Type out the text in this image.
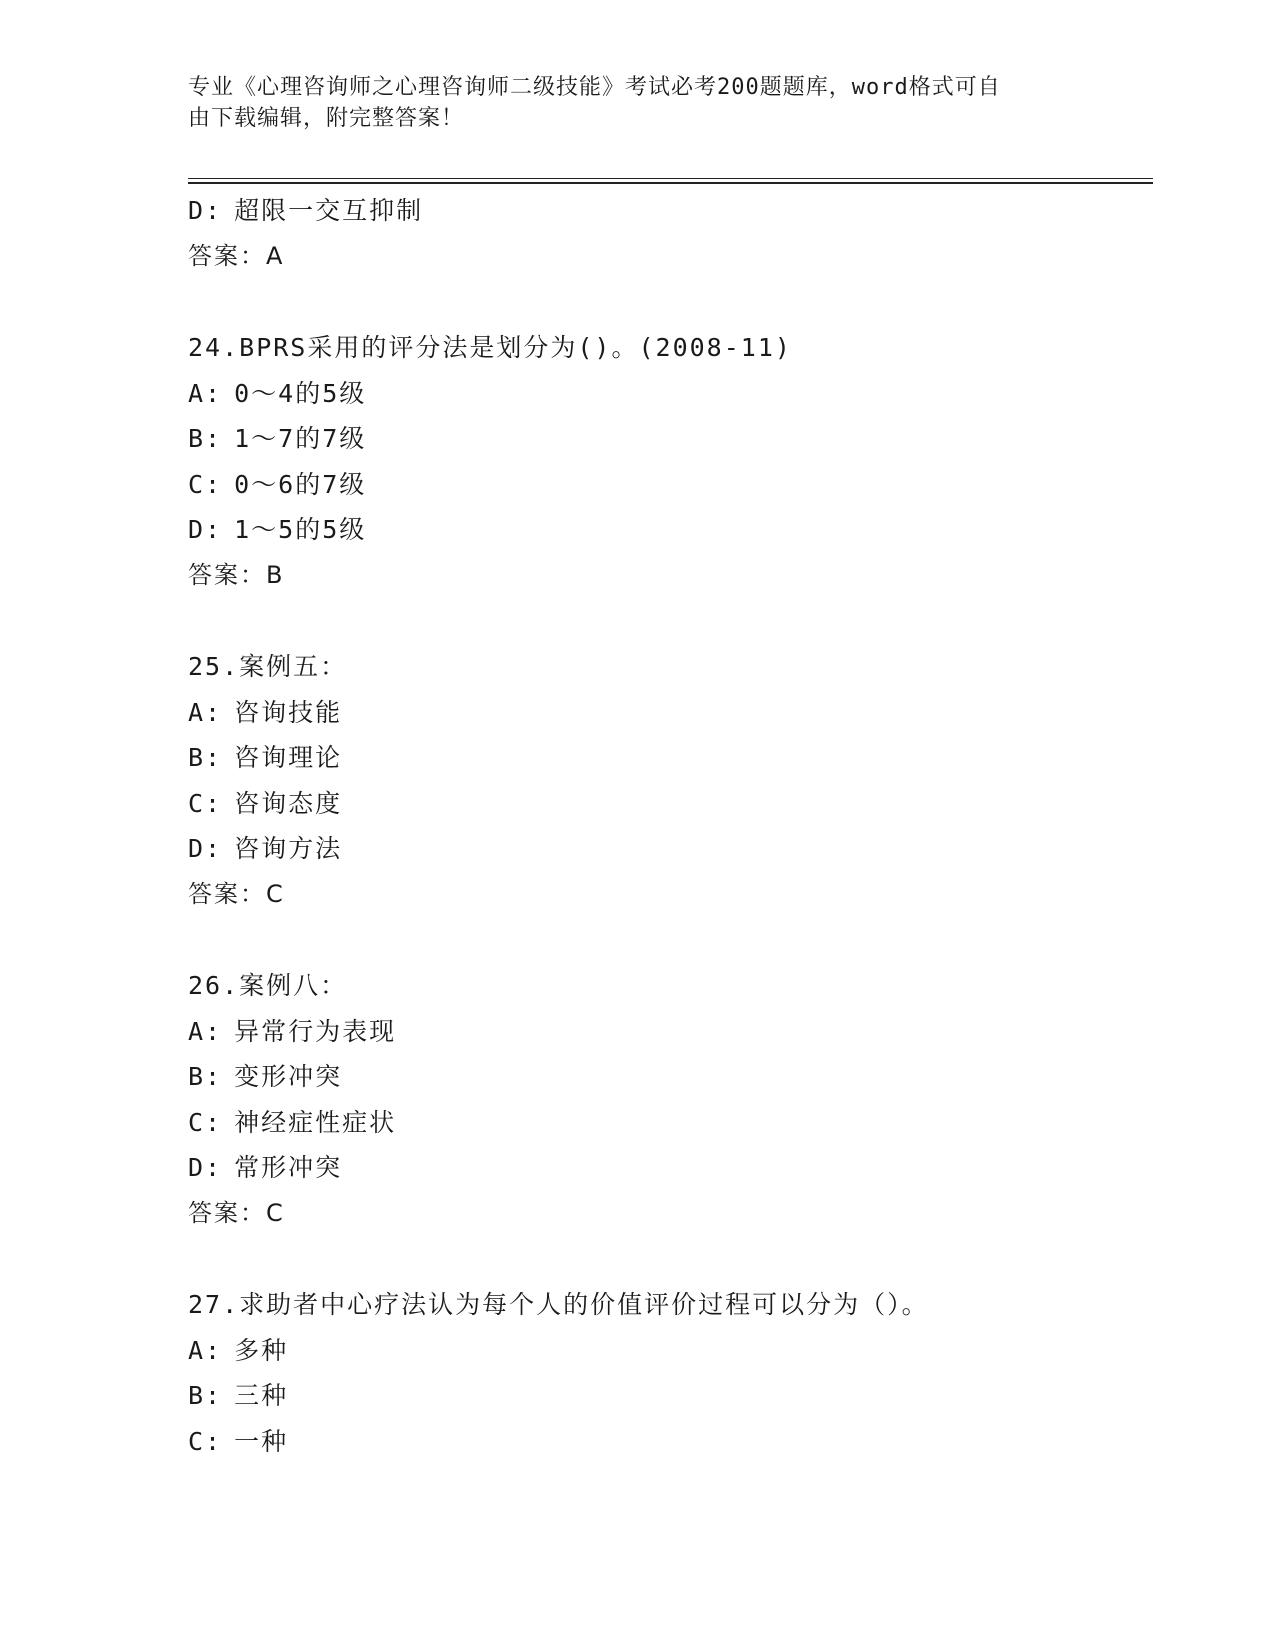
专业《心理咨询师之心理咨询师二级技能》考试必考200题题库，word格式可自
由下载编辑，附完整答案！
D: 超限一交互抑制
答案：A
24.BPRS采用的评分法是划分为()。(2008-11)
A: 0～4的5级
B: 1～7的7级
C: 0～6的7级
D: 1～5的5级
答案：B
25.案例五：
A: 咨询技能
B: 咨询理论
C: 咨询态度
D: 咨询方法
答案：C
26.案例八：
A: 异常行为表现
B: 变形冲突
C: 神经症性症状
D: 常形冲突
答案：C
27.求助者中心疗法认为每个人的价值评价过程可以分为（）。
A: 多种
B: 三种
C: 一种
